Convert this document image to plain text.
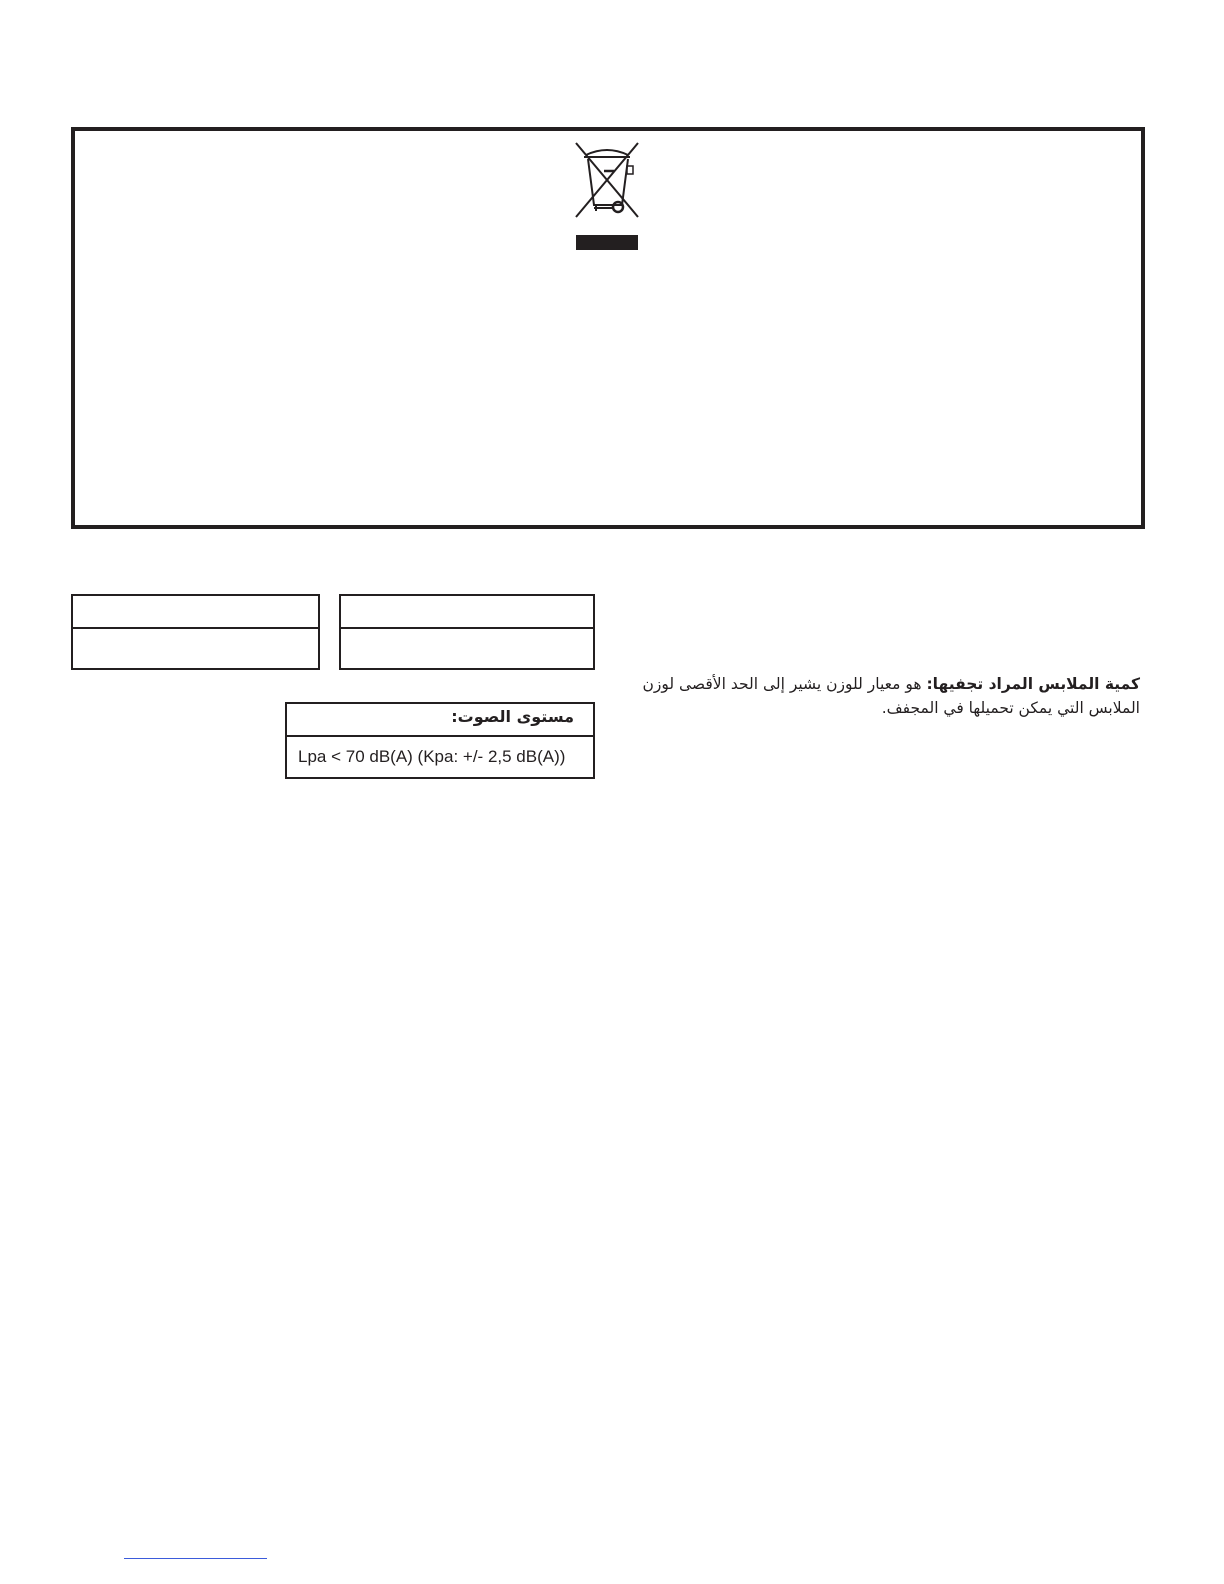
مستوى الصوت:
Lpa < 70 dB(A) (Kpa: +/- 2,5 dB(A))
كمية الملابس المراد تجفيها: هو معيار للوزن يشير إلى الحد الأقصى لوزن الملابس التي يمكن تحميلها في المجفف.
